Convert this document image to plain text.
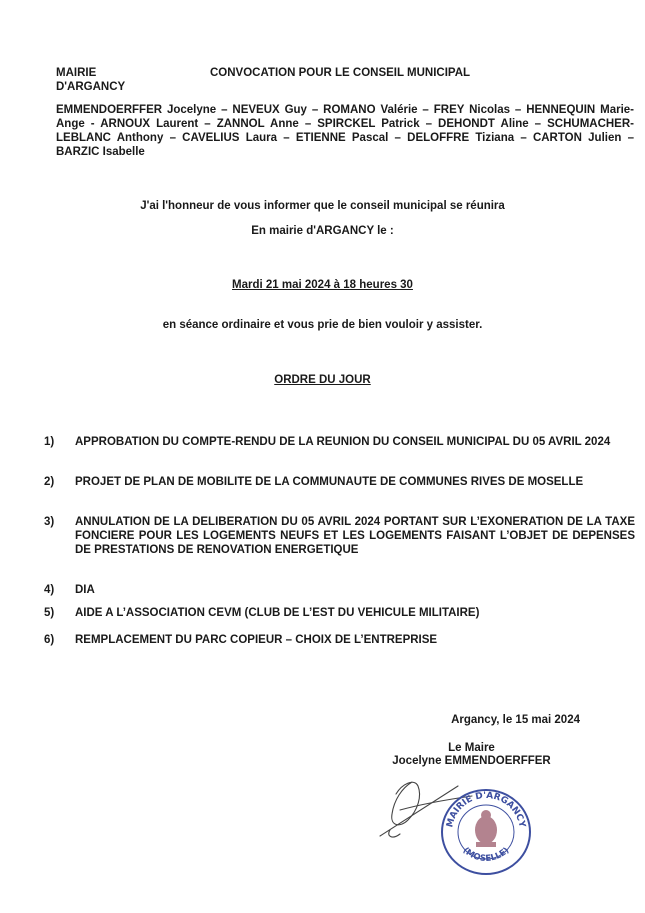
MAIRIE
D'ARGANCY
CONVOCATION POUR LE CONSEIL MUNICIPAL
EMMENDOERFFER Jocelyne – NEVEUX Guy – ROMANO Valérie – FREY Nicolas – HENNEQUIN Marie-Ange - ARNOUX Laurent – ZANNOL Anne – SPIRCKEL Patrick – DEHONDT Aline – SCHUMACHER-LEBLANC Anthony – CAVELIUS Laura – ETIENNE Pascal – DELOFFRE Tiziana – CARTON Julien – BARZIC Isabelle
J'ai l'honneur de vous informer que le conseil municipal se réunira
En mairie d'ARGANCY le :
Mardi 21 mai 2024 à 18 heures 30
en séance ordinaire et vous prie de bien vouloir y assister.
ORDRE DU JOUR
1) APPROBATION DU COMPTE-RENDU DE LA REUNION DU CONSEIL MUNICIPAL DU 05 AVRIL 2024
2) PROJET DE PLAN DE MOBILITE DE LA COMMUNAUTE DE COMMUNES RIVES DE MOSELLE
3) ANNULATION DE LA DELIBERATION DU 05 AVRIL 2024 PORTANT SUR L’EXONERATION DE LA TAXE FONCIERE POUR LES LOGEMENTS NEUFS ET LES LOGEMENTS FAISANT L’OBJET DE DEPENSES DE PRESTATIONS DE RENOVATION ENERGETIQUE
4) DIA
5) AIDE A L’ASSOCIATION CEVM (CLUB DE L’EST DU VEHICULE MILITAIRE)
6) REMPLACEMENT DU PARC COPIEUR – CHOIX DE L’ENTREPRISE
Argancy, le 15 mai 2024
Le Maire
Jocelyne EMMENDOERFFER
MAIRIE D'ARGANCY
(MOSELLE)
